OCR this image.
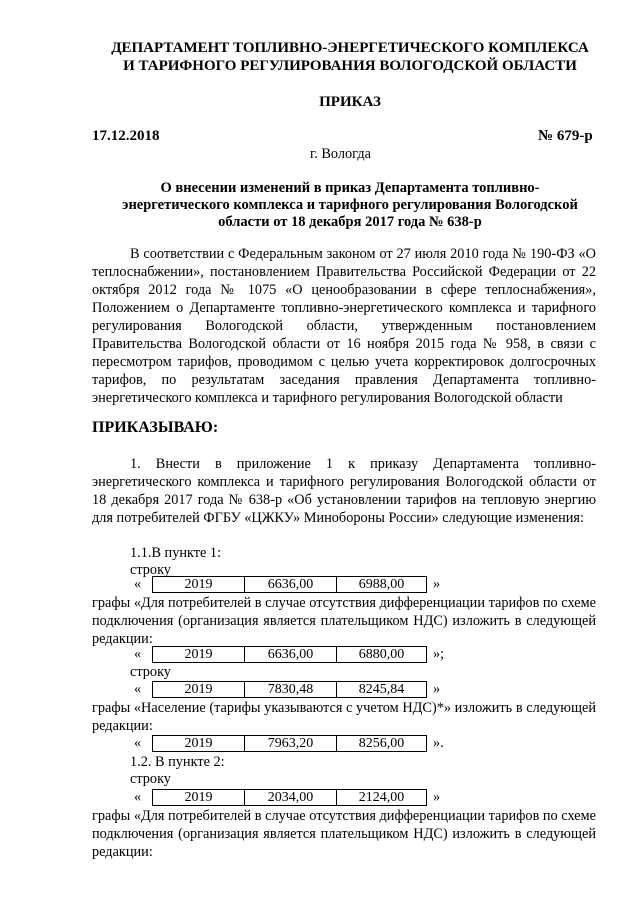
ДЕПАРТАМЕНТ ТОПЛИВНО-ЭНЕРГЕТИЧЕСКОГО КОМПЛЕКСА
И ТАРИФНОГО РЕГУЛИРОВАНИЯ ВОЛОГОДСКОЙ ОБЛАСТИ
ПРИКАЗ
17.12.2018	№ 679-р
г. Вологда
О внесении изменений в приказ Департамента топливно-
энергетического комплекса и тарифного регулирования Вологодской
области от 18 декабря 2017 года № 638-р
В соответствии с Федеральным законом от 27 июля 2010 года № 190-ФЗ «О теплоснабжении», постановлением Правительства Российской Федерации от 22 октября 2012 года № 1075 «О ценообразовании в сфере теплоснабжения», Положением о Департаменте топливно-энергетического комплекса и тарифного регулирования Вологодской области, утвержденным постановлением Правительства Вологодской области от 16 ноября 2015 года № 958, в связи с пересмотром тарифов, проводимом с целью учета корректировок долгосрочных тарифов, по результатам заседания правления Департамента топливно-энергетического комплекса и тарифного регулирования Вологодской области
ПРИКАЗЫВАЮ:
1. Внести в приложение 1 к приказу Департамента топливно-энергетического комплекса и тарифного регулирования Вологодской области от 18 декабря 2017 года № 638-р «Об установлении тарифов на тепловую энергию для потребителей ФГБУ «ЦЖКУ» Минобороны России» следующие изменения:
1.1.В пункте 1:
строку
«	2019	6636,00	6988,00	»
графы «Для потребителей в случае отсутствия дифференциации тарифов по схеме подключения (организация является плательщиком НДС) изложить в следующей редакции:
«	2019	6636,00	6880,00	»;
строку
«	2019	7830,48	8245,84	»
графы «Население (тарифы указываются с учетом НДС)*» изложить в следующей редакции:
«	2019	7963,20	8256,00	».
1.2. В пункте 2:
строку
«	2019	2034,00	2124,00	»
графы «Для потребителей в случае отсутствия дифференциации тарифов по схеме подключения (организация является плательщиком НДС) изложить в следующей редакции:
